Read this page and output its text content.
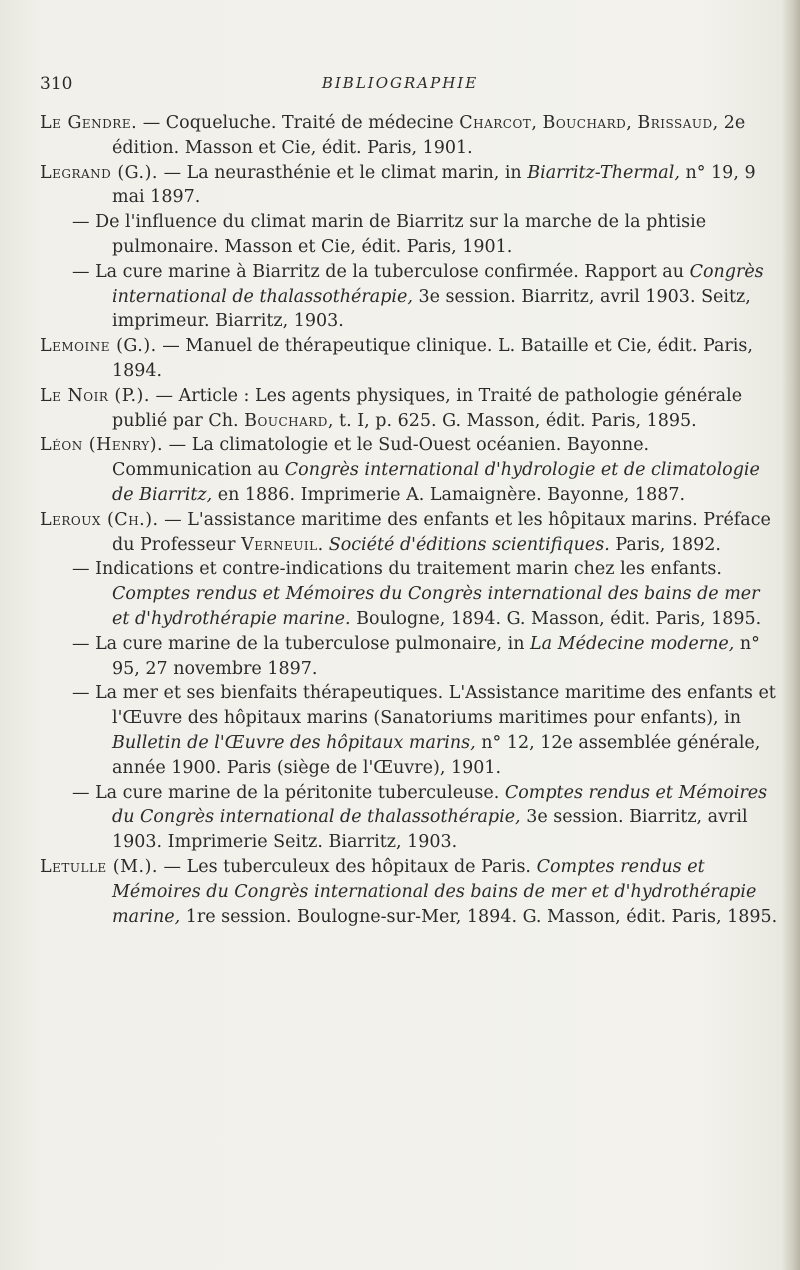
310	BIBLIOGRAPHIE

Le Gendre. — Coqueluche. Traité de médecine Charcot, Bouchard, Brissaud, 2e édition. Masson et Cie, édit. Paris, 1901.

Legrand (G.). — La neurasthénie et le climat marin, in Biarritz-Thermal, n° 19, 9 mai 1897.

— De l'influence du climat marin de Biarritz sur la marche de la phtisie pulmonaire. Masson et Cie, édit. Paris, 1901.

— La cure marine à Biarritz de la tuberculose confirmée. Rapport au Congrès international de thalassothérapie, 3e session. Biarritz, avril 1903. Seitz, imprimeur. Biarritz, 1903.

Lemoine (G.). — Manuel de thérapeutique clinique. L. Bataille et Cie, édit. Paris, 1894.

Le Noir (P.). — Article : Les agents physiques, in Traité de pathologie générale publié par Ch. Bouchard, t. I, p. 625. G. Masson, édit. Paris, 1895.

Léon (Henry). — La climatologie et le Sud-Ouest océanien. Bayonne. Communication au Congrès international d'hydrologie et de climatologie de Biarritz, en 1886. Imprimerie A. Lamaignère. Bayonne, 1887.

Leroux (Ch.). — L'assistance maritime des enfants et les hôpitaux marins. Préface du Professeur Verneuil. Société d'éditions scientifiques. Paris, 1892.

— Indications et contre-indications du traitement marin chez les enfants. Comptes rendus et Mémoires du Congrès international des bains de mer et d'hydrothérapie marine. Boulogne, 1894. G. Masson, édit. Paris, 1895.

— La cure marine de la tuberculose pulmonaire, in La Médecine moderne, n° 95, 27 novembre 1897.

— La mer et ses bienfaits thérapeutiques. L'Assistance maritime des enfants et l'Œuvre des hôpitaux marins (Sanatoriums maritimes pour enfants), in Bulletin de l'Œuvre des hôpitaux marins, n° 12, 12e assemblée générale, année 1900. Paris (siège de l'Œuvre), 1901.

— La cure marine de la péritonite tuberculeuse. Comptes rendus et Mémoires du Congrès international de thalassothérapie, 3e session. Biarritz, avril 1903. Imprimerie Seitz. Biarritz, 1903.

Letulle (M.). — Les tuberculeux des hôpitaux de Paris. Comptes rendus et Mémoires du Congrès international des bains de mer et d'hydrothérapie marine, 1re session. Boulogne-sur-Mer, 1894. G. Masson, édit. Paris, 1895.
